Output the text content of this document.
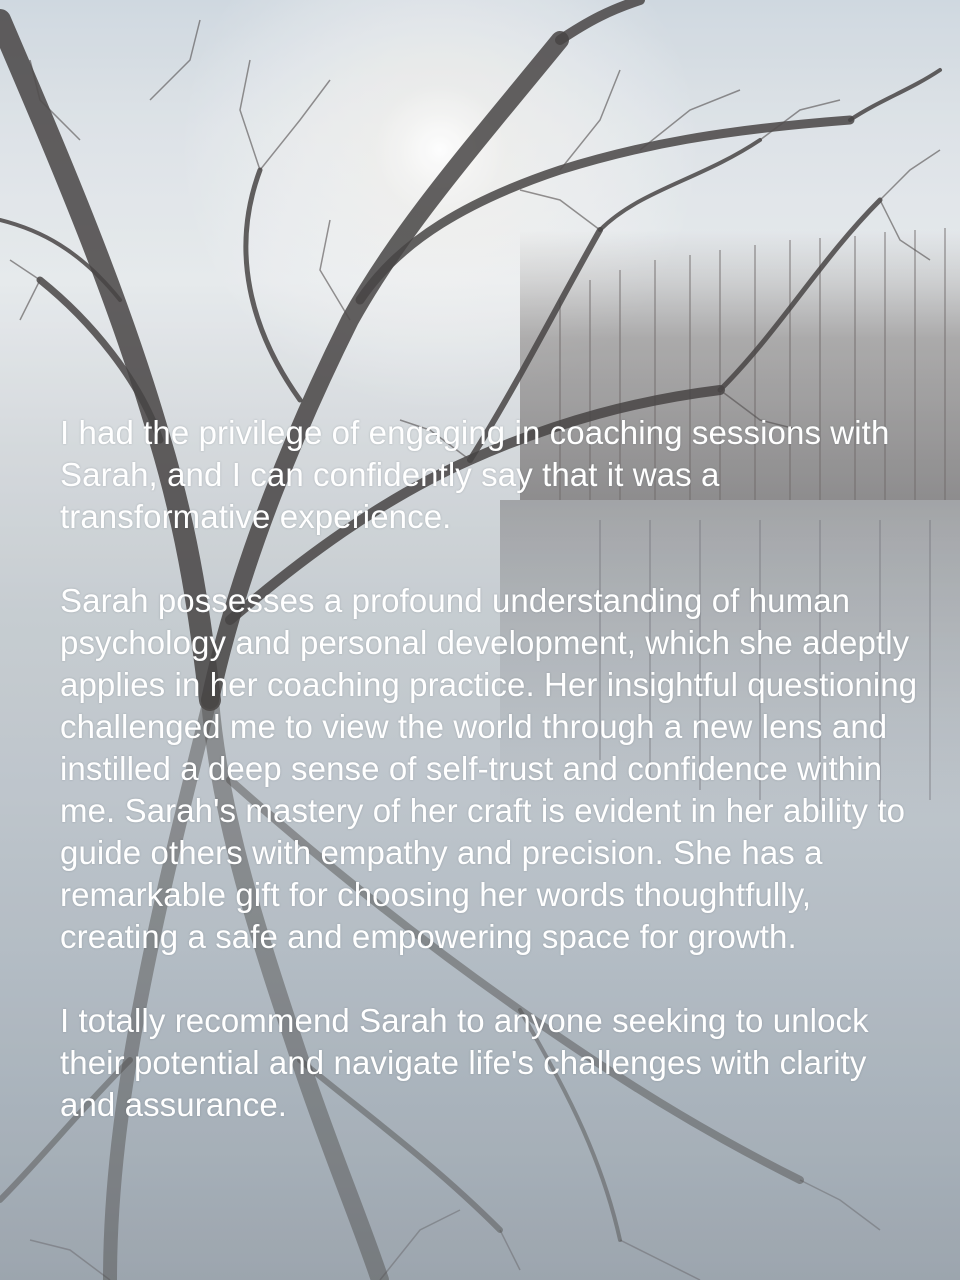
I had the privilege of engaging in coaching sessions with Sarah, and I can confidently say that it was a transformative experience.

Sarah possesses a profound understanding of human psychology and personal development, which she adeptly applies in her coaching practice. Her insightful questioning challenged me to view the world through a new lens and instilled a deep sense of self-trust and confidence within me. Sarah's mastery of her craft is evident in her ability to guide others with empathy and precision. She has a remarkable gift for choosing her words thoughtfully, creating a safe and empowering space for growth.

I totally recommend Sarah to anyone seeking to unlock their potential and navigate life's challenges with clarity and assurance.
